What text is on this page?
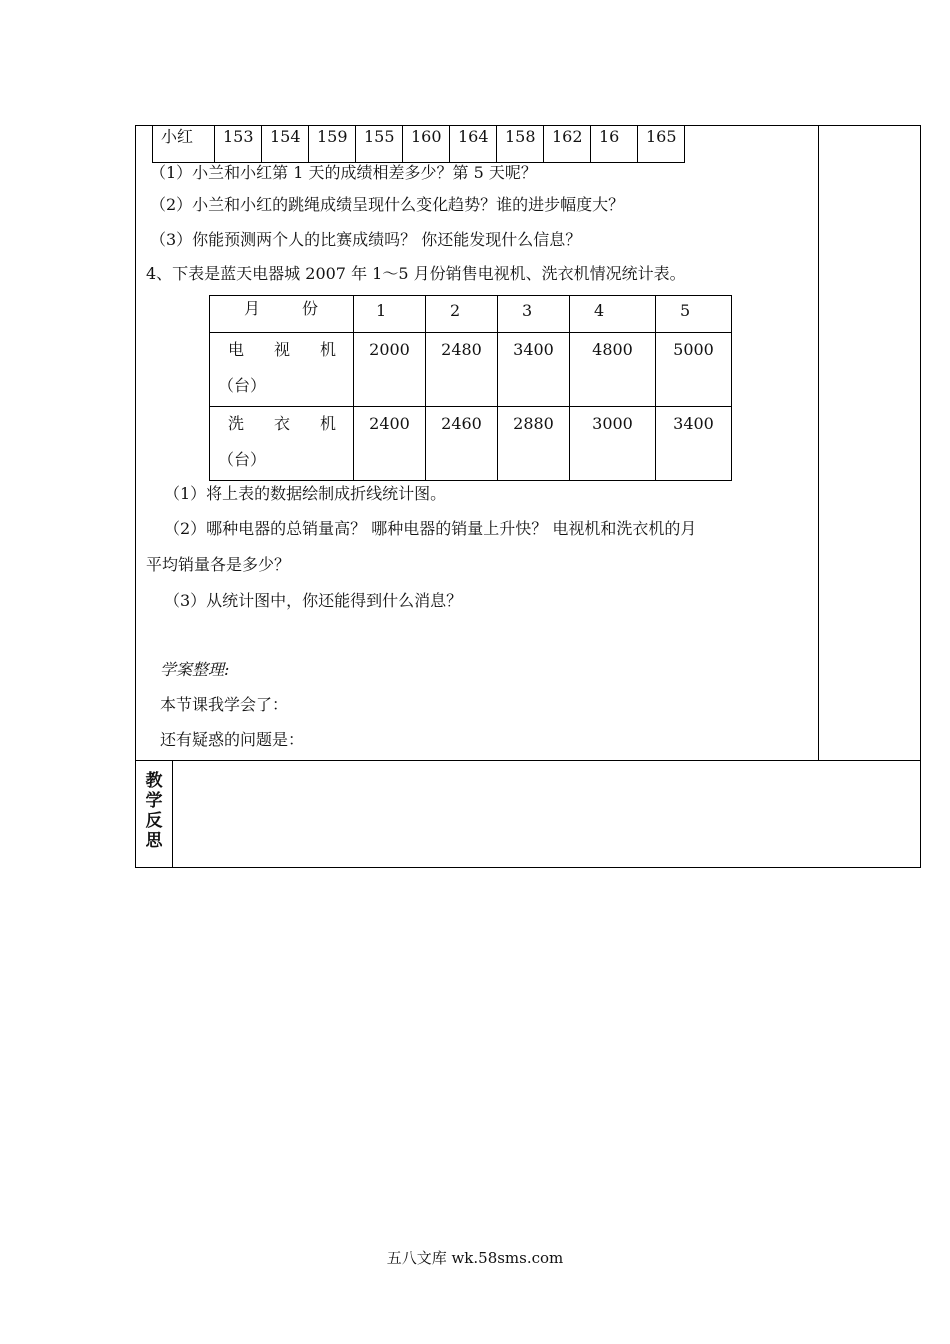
小红	153	154	159	155	160	164	158	162	16	165
（1）小兰和小红第 1 天的成绩相差多少？第 5 天呢？
（2）小兰和小红的跳绳成绩呈现什么变化趋势？谁的进步幅度大？
（3）你能预测两个人的比赛成绩吗？ 你还能发现什么信息？
4、下表是蓝天电器城 2007 年 1～5 月份销售电视机、洗衣机情况统计表。
月 份	1	2	3	4	5

电 视 机
（台）	2000	2480	3400	4800	5000

洗 衣 机
（台）	2400	2460	2880	3000	3400
（1）将上表的数据绘制成折线统计图。
（2）哪种电器的总销量高？ 哪种电器的销量上升快？ 电视机和洗衣机的月
平均销量各是多少？
（3）从统计图中，你还能得到什么消息？
学案整理:
本节课我学会了：
还有疑惑的问题是：
教
学
反
思
五八文库 wk.58sms.com
